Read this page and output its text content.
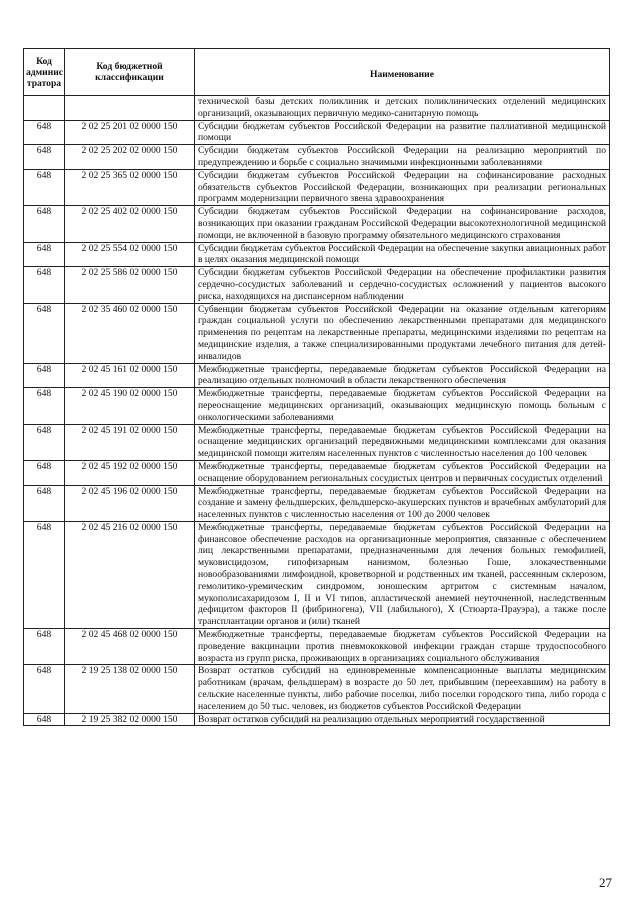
Код админис тратора	Код бюджетной классификации	Наименование
		технической базы детских поликлиник и детских поликлинических отделений медицинских организаций, оказывающих первичную медико-санитарную помощь
648	2 02 25 201 02 0000 150	Субсидии бюджетам субъектов Российской Федерации на развитие паллиативной медицинской помощи
648	2 02 25 202 02 0000 150	Субсидии бюджетам субъектов Российской Федерации на реализацию мероприятий по предупреждению и борьбе с социально значимыми инфекционными заболеваниями
648	2 02 25 365 02 0000 150	Субсидии бюджетам субъектов Российской Федерации на софинансирование расходных обязательств субъектов Российской Федерации, возникающих при реализации региональных программ модернизации первичного звена здравоохранения
648	2 02 25 402 02 0000 150	Субсидии бюджетам субъектов Российской Федерации на софинансирование расходов, возникающих при оказании гражданам Российской Федерации высокотехнологичной медицинской помощи, не включенной в базовую программу обязательного медицинского страхования
648	2 02 25 554 02 0000 150	Субсидии бюджетам субъектов Российской Федерации на обеспечение закупки авиационных работ в целях оказания медицинской помощи
648	2 02 25 586 02 0000 150	Субсидии бюджетам субъектов Российской Федерации на обеспечение профилактики развития сердечно-сосудистых заболеваний и сердечно-сосудистых осложнений у пациентов высокого риска, находящихся на диспансерном наблюдении
648	2 02 35 460 02 0000 150	Субвенции бюджетам субъектов Российской Федерации на оказание отдельным категориям граждан социальной услуги по обеспечению лекарственными препаратами для медицинского применения по рецептам на лекарственные препараты, медицинскими изделиями по рецептам на медицинские изделия, а также специализированными продуктами лечебного питания для детей-инвалидов
648	2 02 45 161 02 0000 150	Межбюджетные трансферты, передаваемые бюджетам субъектов Российской Федерации на реализацию отдельных полномочий в области лекарственного обеспечения
648	2 02 45 190 02 0000 150	Межбюджетные трансферты, передаваемые бюджетам субъектов Российской Федерации на переоснащение медицинских организаций, оказывающих медицинскую помощь больным с онкологическими заболеваниями
648	2 02 45 191 02 0000 150	Межбюджетные трансферты, передаваемые бюджетам субъектов Российской Федерации на оснащение медицинских организаций передвижными медицинскими комплексами для оказания медицинской помощи жителям населенных пунктов с численностью населения до 100 человек
648	2 02 45 192 02 0000 150	Межбюджетные трансферты, передаваемые бюджетам субъектов Российской Федерации на оснащение оборудованием региональных сосудистых центров и первичных сосудистых отделений
648	2 02 45 196 02 0000 150	Межбюджетные трансферты, передаваемые бюджетам субъектов Российской Федерации на создание и замену фельдшерских, фельдшерско-акушерских пунктов и врачебных амбулаторий для населенных пунктов с численностью населения от 100 до 2000 человек
648	2 02 45 216 02 0000 150	Межбюджетные трансферты, передаваемые бюджетам субъектов Российской Федерации на финансовое обеспечение расходов на организационные мероприятия, связанные с обеспечением лиц лекарственными препаратами, предназначенными для лечения больных гемофилией, муковисцидозом, гипофизарным нанизмом, болезнью Гоше, злокачественными новообразованиями лимфоидной, кроветворной и родственных им тканей, рассеянным склерозом, гемолитико-уремическим синдромом, юношеским артритом с системным началом, мукополисахаридозом I, II и VI типов, апластической анемией неуточненной, наследственным дефицитом факторов II (фибриногена), VII (лабильного), X (Стюарта-Прауэра), а также после трансплантации органов и (или) тканей
648	2 02 45 468 02 0000 150	Межбюджетные трансферты, передаваемые бюджетам субъектов Российской Федерации на проведение вакцинации против пневмококковой инфекции граждан старше трудоспособного возраста из групп риска, проживающих в организациях социального обслуживания
648	2 19 25 138 02 0000 150	Возврат остатков субсидий на единовременные компенсационные выплаты медицинским работникам (врачам, фельдшерам) в возрасте до 50 лет, прибывшим (переехавшим) на работу в сельские населенные пункты, либо рабочие поселки, либо поселки городского типа, либо города с населением до 50 тыс. человек, из бюджетов субъектов Российской Федерации
648	2 19 25 382 02 0000 150	Возврат остатков субсидий на реализацию отдельных мероприятий государственной
27
